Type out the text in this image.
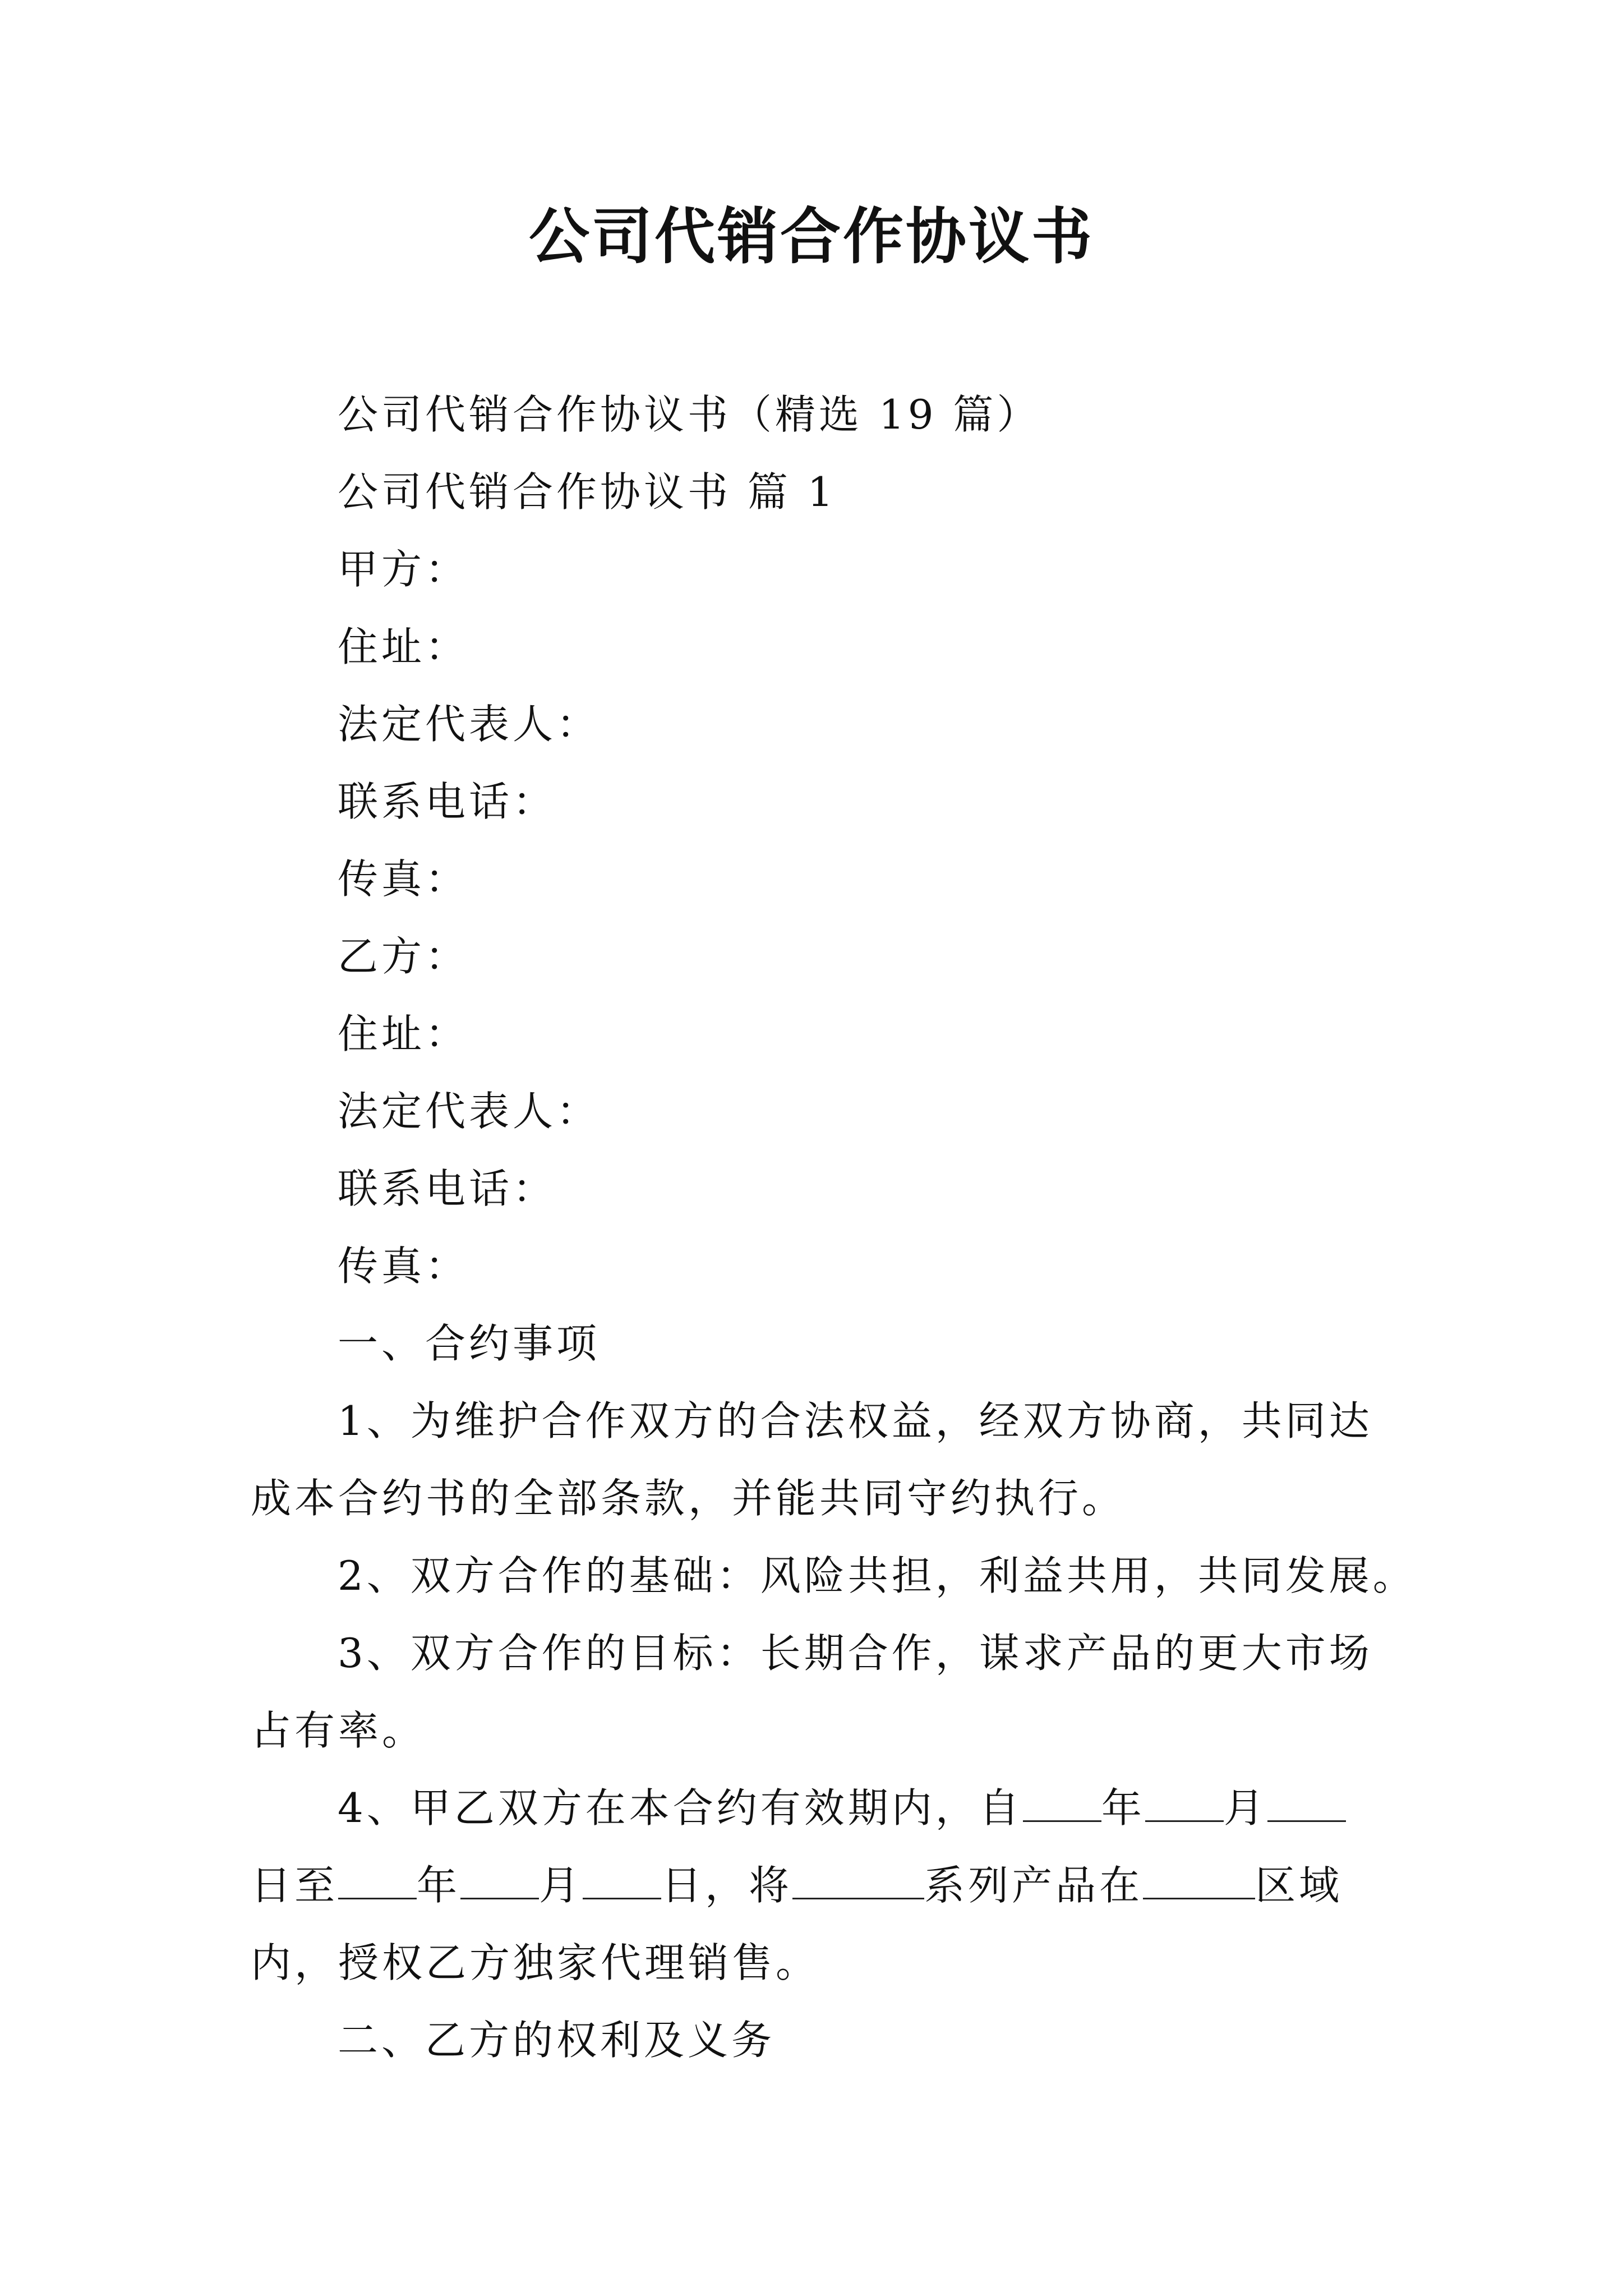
公司代销合作协议书
公司代销合作协议书（精选 19 篇）
公司代销合作协议书 篇 1
甲方：
住址：
法定代表人：
联系电话：
传真：
乙方：
住址：
法定代表人：
联系电话：
传真：
一、合约事项
1、为维护合作双方的合法权益，经双方协商，共同达
成本合约书的全部条款，并能共同守约执行。
2、双方合作的基础：风险共担，利益共用，共同发展。
3、双方合作的目标：长期合作，谋求产品的更大市场
占有率。
4、甲乙双方在本合约有效期内，自 年 月
日至 年 月 日，将	系列产品在	区域
内，授权乙方独家代理销售。
二、乙方的权利及义务
